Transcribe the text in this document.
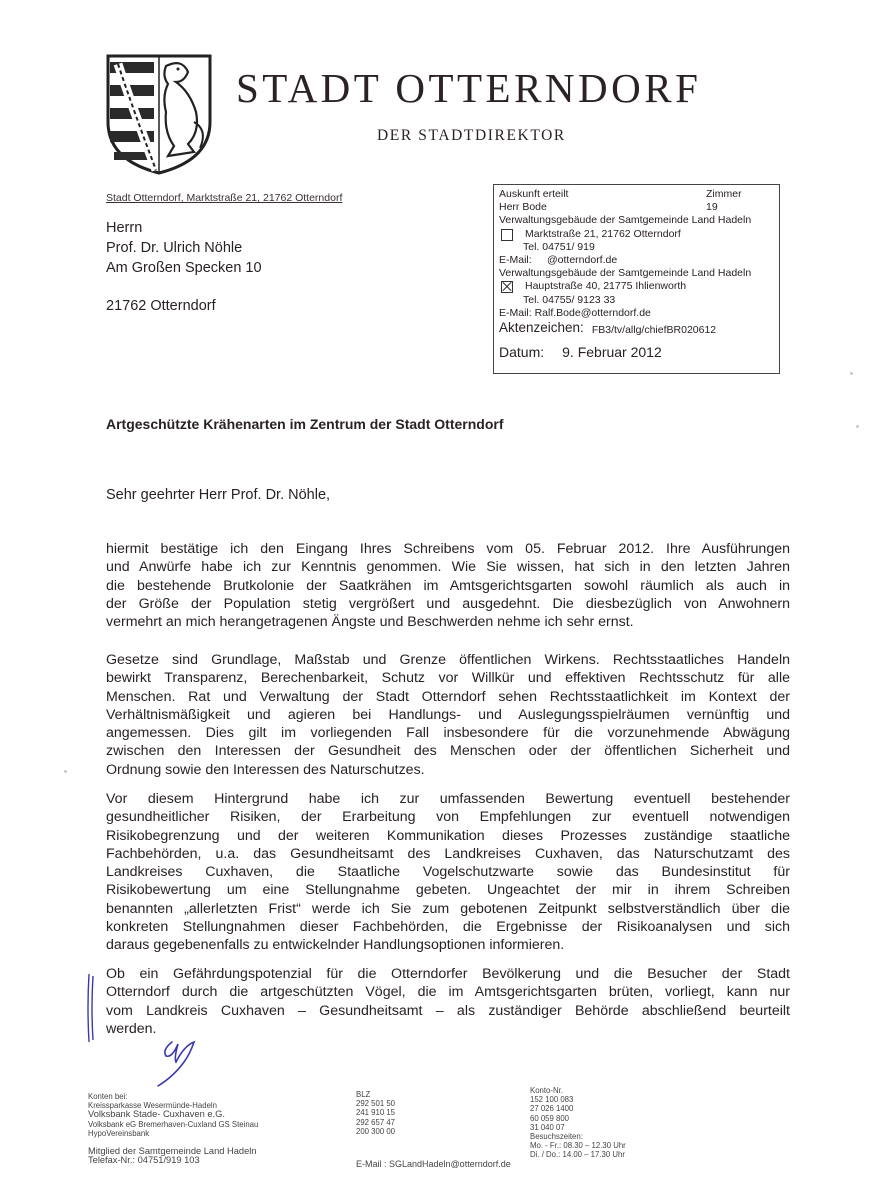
STADT OTTERNDORF
DER STADTDIREKTOR
Stadt Otterndorf, Marktstraße 21, 21762 Otterndorf
Herrn
Prof. Dr. Ulrich Nöhle
Am Großen Specken 10
21762 Otterndorf
Auskunft erteilt	Zimmer
Herr Bode	19
Verwaltungsgebäude der Samtgemeinde Land Hadeln
Marktstraße 21, 21762 Otterndorf
Tel. 04751/ 919
E-Mail:	@otterndorf.de
Verwaltungsgebäude der Samtgemeinde Land Hadeln
Hauptstraße 40, 21775 Ihlienworth
Tel. 04755/ 9123 33
E-Mail: Ralf.Bode@otterndorf.de
Aktenzeichen: FB3/tv/allg/chiefBR020612
Datum: 9. Februar 2012
Artgeschützte Krähenarten im Zentrum der Stadt Otterndorf
Sehr geehrter Herr Prof. Dr. Nöhle,
hiermit bestätige ich den Eingang Ihres Schreibens vom 05. Februar 2012. Ihre Ausführungen
und Anwürfe habe ich zur Kenntnis genommen. Wie Sie wissen, hat sich in den letzten Jahren
die bestehende Brutkolonie der Saatkrähen im Amtsgerichtsgarten sowohl räumlich als auch in
der Größe der Population stetig vergrößert und ausgedehnt. Die diesbezüglich von Anwohnern
vermehrt an mich herangetragenen Ängste und Beschwerden nehme ich sehr ernst.
Gesetze sind Grundlage, Maßstab und Grenze öffentlichen Wirkens. Rechtsstaatliches Handeln
bewirkt Transparenz, Berechenbarkeit, Schutz vor Willkür und effektiven Rechtsschutz für alle
Menschen. Rat und Verwaltung der Stadt Otterndorf sehen Rechtsstaatlichkeit im Kontext der
Verhältnismäßigkeit und agieren bei Handlungs- und Auslegungsspielräumen vernünftig und
angemessen. Dies gilt im vorliegenden Fall insbesondere für die vorzunehmende Abwägung
zwischen den Interessen der Gesundheit des Menschen oder der öffentlichen Sicherheit und
Ordnung sowie den Interessen des Naturschutzes.
Vor diesem Hintergrund habe ich zur umfassenden Bewertung eventuell bestehender
gesundheitlicher Risiken, der Erarbeitung von Empfehlungen zur eventuell notwendigen
Risikobegrenzung und der weiteren Kommunikation dieses Prozesses zuständige staatliche
Fachbehörden, u.a. das Gesundheitsamt des Landkreises Cuxhaven, das Naturschutzamt des
Landkreises Cuxhaven, die Staatliche Vogelschutzwarte sowie das Bundesinstitut für
Risikobewertung um eine Stellungnahme gebeten. Ungeachtet der mir in ihrem Schreiben
benannten „allerletzten Frist“ werde ich Sie zum gebotenen Zeitpunkt selbstverständlich über die
konkreten Stellungnahmen dieser Fachbehörden, die Ergebnisse der Risikoanalysen und sich
daraus gegebenenfalls zu entwickelnder Handlungsoptionen informieren.
Ob ein Gefährdungspotenzial für die Otterndorfer Bevölkerung und die Besucher der Stadt
Otterndorf durch die artgeschützten Vögel, die im Amtsgerichtsgarten brüten, vorliegt, kann nur
vom Landkreis Cuxhaven – Gesundheitsamt – als zuständiger Behörde abschließend beurteilt
werden.
Konten bei:
Kreissparkasse Wesermünde-Hadeln
Volksbank Stade- Cuxhaven e.G.
Volksbank eG Bremerhaven-Cuxland GS Steinau
HypoVereinsbank
Mitglied der Samtgemeinde Land Hadeln
Telefax-Nr.: 04751/919 103
BLZ
292 501 50
241 910 15
292 657 47
200 300 00
E-Mail : SGLandHadeln@otterndorf.de
Konto-Nr.
152 100 083
27 026 1400
60 059 800
31 040 07
Besuchszeiten:
Mo. - Fr.: 08.30 – 12.30 Uhr
Di. / Do.: 14.00 – 17.30 Uhr
